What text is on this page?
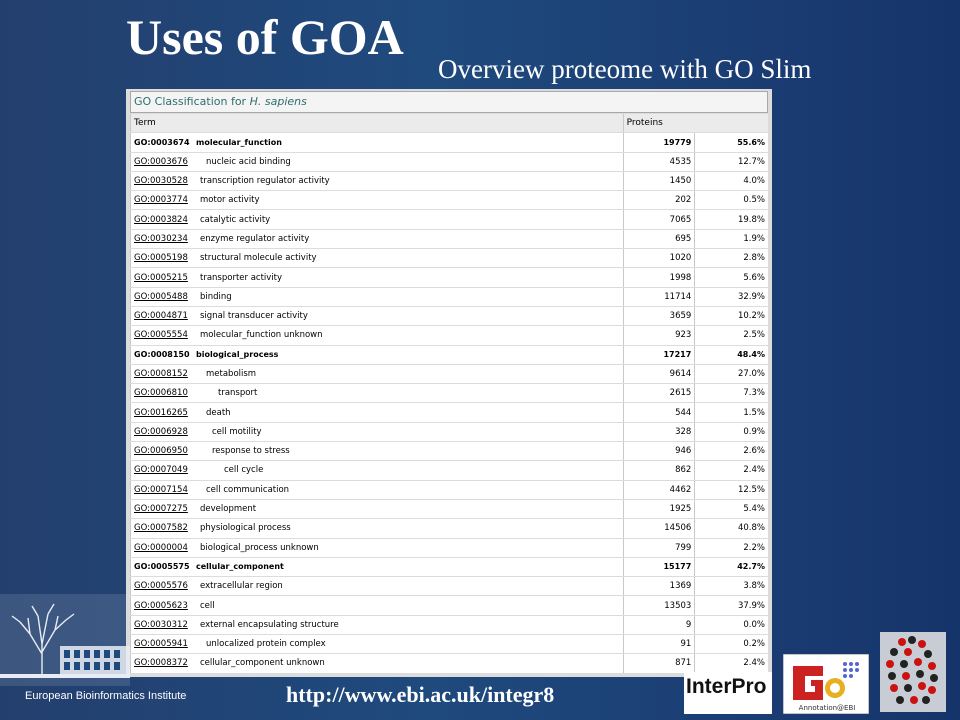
Uses of GOA
Overview proteome with GO Slim
GO Classification for H. sapiens
Term	Proteins	
GO:0003674 molecular_function	19779	55.6%
GO:0003676 nucleic acid binding	4535	12.7%
GO:0030528 transcription regulator activity	1450	4.0%
GO:0003774 motor activity	202	0.5%
GO:0003824 catalytic activity	7065	19.8%
GO:0030234 enzyme regulator activity	695	1.9%
GO:0005198 structural molecule activity	1020	2.8%
GO:0005215 transporter activity	1998	5.6%
GO:0005488 binding	11714	32.9%
GO:0004871 signal transducer activity	3659	10.2%
GO:0005554 molecular_function unknown	923	2.5%
GO:0008150 biological_process	17217	48.4%
GO:0008152 metabolism	9614	27.0%
GO:0006810 transport	2615	7.3%
GO:0016265 death	544	1.5%
GO:0006928 cell motility	328	0.9%
GO:0006950 response to stress	946	2.6%
GO:0007049 cell cycle	862	2.4%
GO:0007154 cell communication	4462	12.5%
GO:0007275 development	1925	5.4%
GO:0007582 physiological process	14506	40.8%
GO:0000004 biological_process unknown	799	2.2%
GO:0005575 cellular_component	15177	42.7%
GO:0005576 extracellular region	1369	3.8%
GO:0005623 cell	13503	37.9%
GO:0030312 external encapsulating structure	9	0.0%
GO:0005941 unlocalized protein complex	91	0.2%
GO:0008372 cellular_component unknown	871	2.4%
European Bioinformatics Institute	http://www.ebi.ac.uk/integr8	InterPro
Annotation@EBI
